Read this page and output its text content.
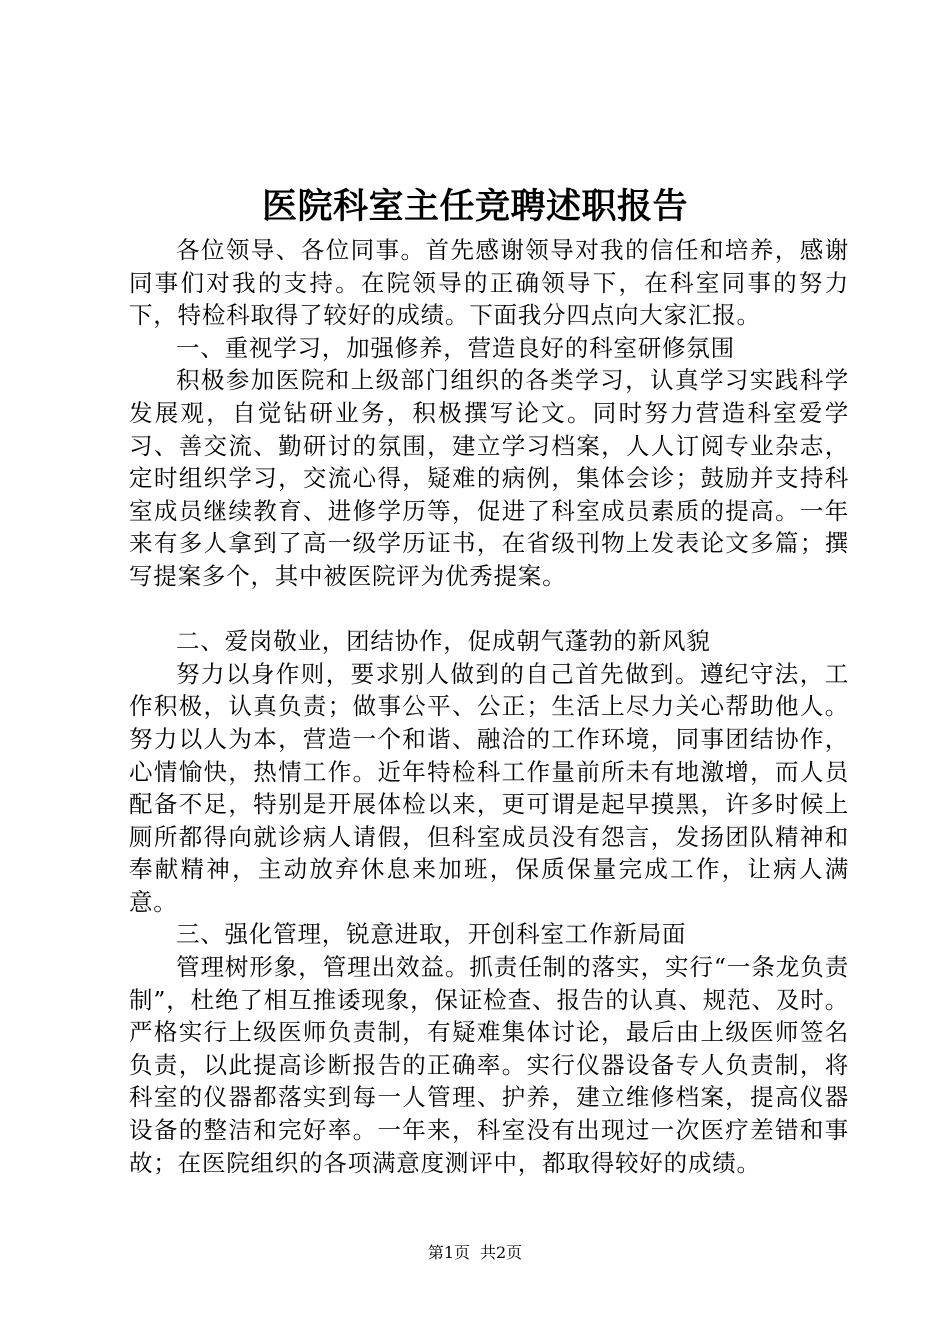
医院科室主任竞聘述职报告

各位领导、各位同事。首先感谢领导对我的信任和培养，感谢同事们对我的支持。在院领导的正确领导下，在科室同事的努力下，特检科取得了较好的成绩。下面我分四点向大家汇报。

一、重视学习，加强修养，营造良好的科室研修氛围

积极参加医院和上级部门组织的各类学习，认真学习实践科学发展观，自觉钻研业务，积极撰写论文。同时努力营造科室爱学习、善交流、勤研讨的氛围，建立学习档案，人人订阅专业杂志，定时组织学习，交流心得，疑难的病例，集体会诊；鼓励并支持科室成员继续教育、进修学历等，促进了科室成员素质的提高。一年来有多人拿到了高一级学历证书，在省级刊物上发表论文多篇；撰写提案多个，其中被医院评为优秀提案。

二、爱岗敬业，团结协作，促成朝气蓬勃的新风貌

努力以身作则，要求别人做到的自己首先做到。遵纪守法，工作积极，认真负责；做事公平、公正；生活上尽力关心帮助他人。努力以人为本，营造一个和谐、融洽的工作环境，同事团结协作，心情愉快，热情工作。近年特检科工作量前所未有地激增，而人员配备不足，特别是开展体检以来，更可谓是起早摸黑，许多时候上厕所都得向就诊病人请假，但科室成员没有怨言，发扬团队精神和奉献精神，主动放弃休息来加班，保质保量完成工作，让病人满意。

三、强化管理，锐意进取，开创科室工作新局面

管理树形象，管理出效益。抓责任制的落实，实行“一条龙负责制”，杜绝了相互推诿现象，保证检查、报告的认真、规范、及时。严格实行上级医师负责制，有疑难集体讨论，最后由上级医师签名负责，以此提高诊断报告的正确率。实行仪器设备专人负责制，将科室的仪器都落实到每一人管理、护养，建立维修档案，提高仪器设备的整洁和完好率。一年来，科室没有出现过一次医疗差错和事故；在医院组织的各项满意度测评中，都取得较好的成绩。

第1页 共2页
